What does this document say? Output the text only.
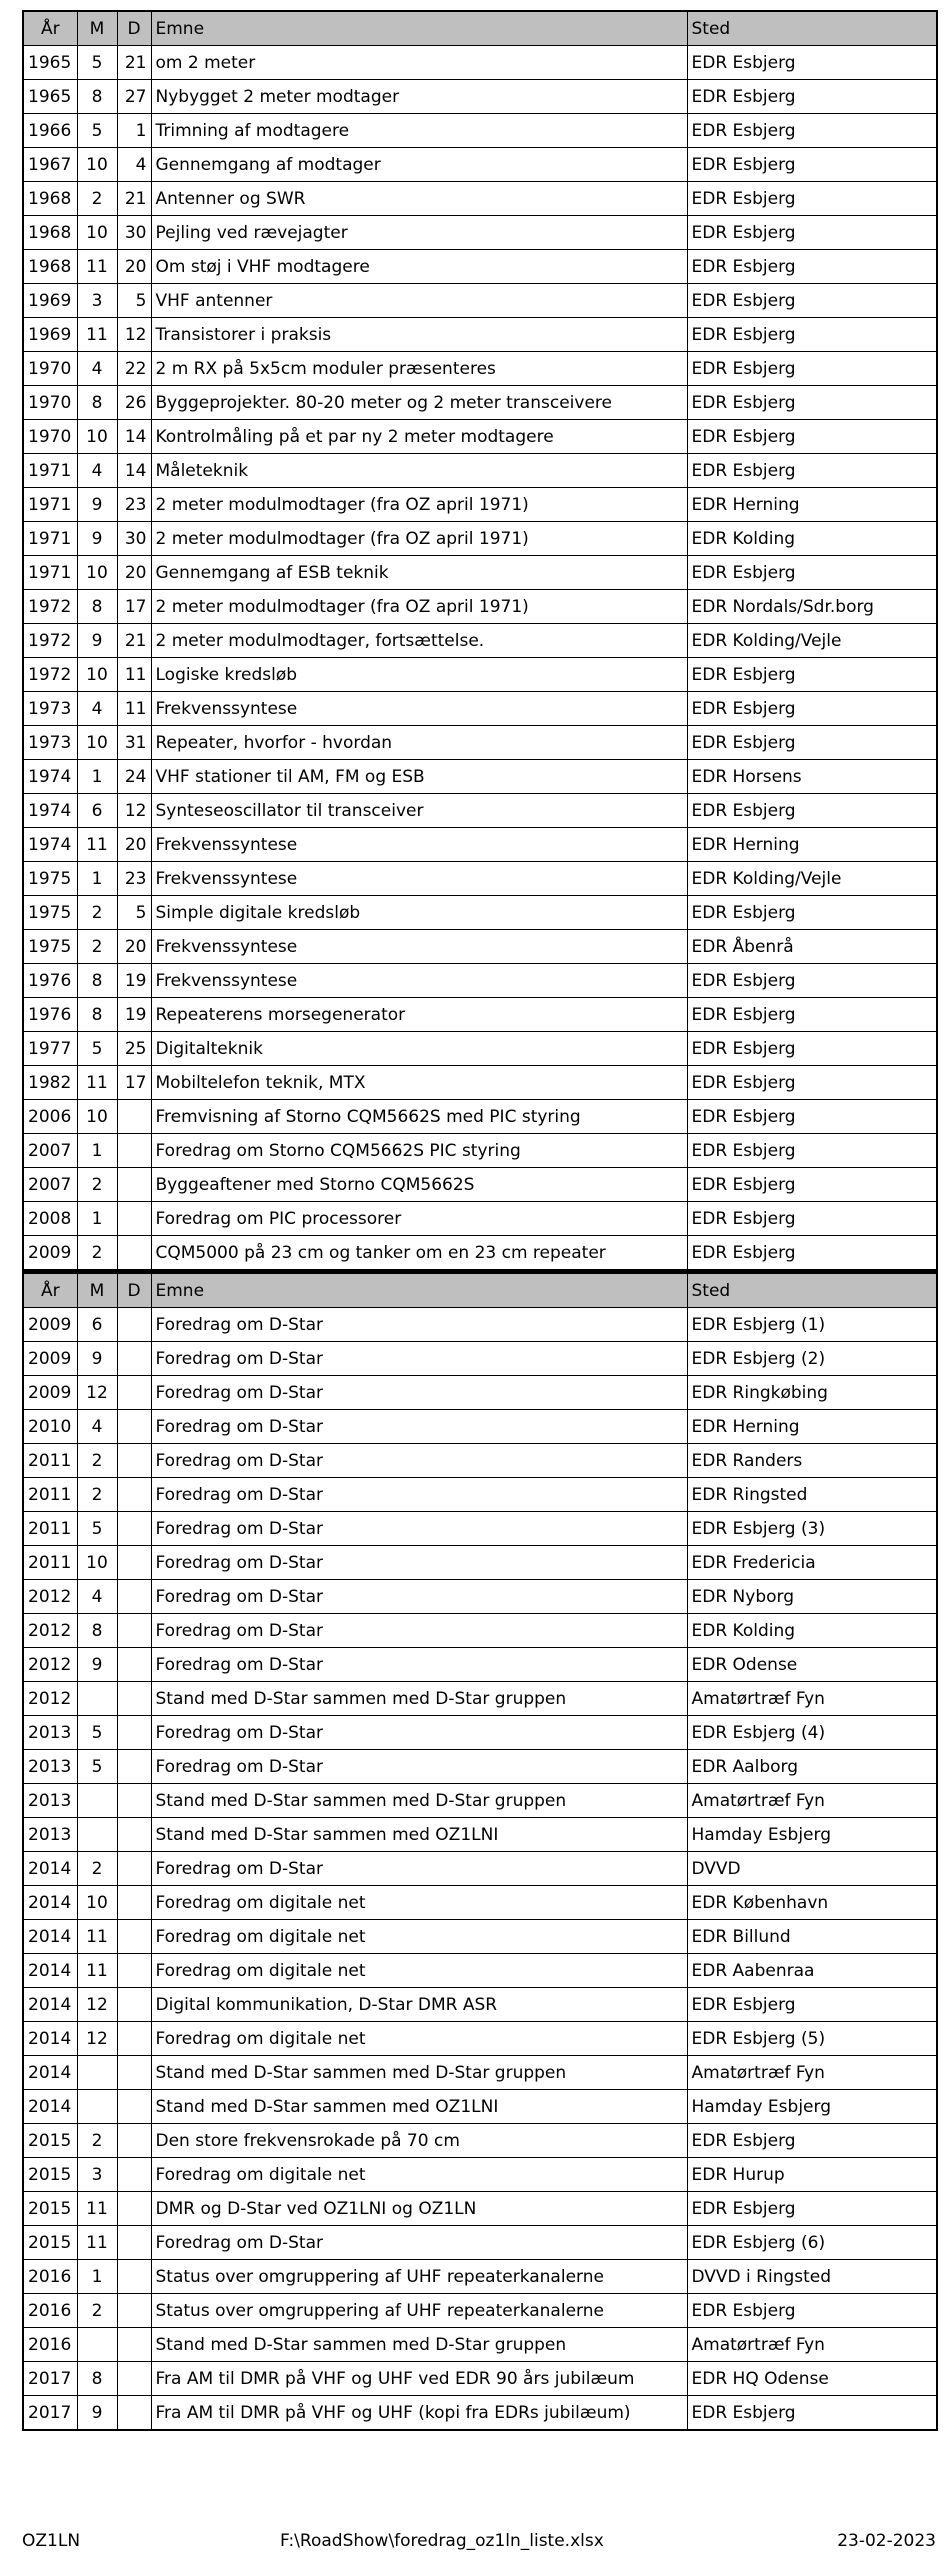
År	M	D	Emne	Sted
1965	5	21	om 2 meter	EDR Esbjerg
1965	8	27	Nybygget 2 meter modtager	EDR Esbjerg
1966	5	1	Trimning af modtagere	EDR Esbjerg
1967	10	4	Gennemgang af modtager	EDR Esbjerg
1968	2	21	Antenner og SWR	EDR Esbjerg
1968	10	30	Pejling ved rævejagter	EDR Esbjerg
1968	11	20	Om støj i VHF modtagere	EDR Esbjerg
1969	3	5	VHF antenner	EDR Esbjerg
1969	11	12	Transistorer i praksis	EDR Esbjerg
1970	4	22	2 m RX på 5x5cm moduler præsenteres	EDR Esbjerg
1970	8	26	Byggeprojekter. 80-20 meter og 2 meter transceivere	EDR Esbjerg
1970	10	14	Kontrolmåling på et par ny 2 meter modtagere	EDR Esbjerg
1971	4	14	Måleteknik	EDR Esbjerg
1971	9	23	2 meter modulmodtager (fra OZ april 1971)	EDR Herning
1971	9	30	2 meter modulmodtager (fra OZ april 1971)	EDR Kolding
1971	10	20	Gennemgang af ESB teknik	EDR Esbjerg
1972	8	17	2 meter modulmodtager (fra OZ april 1971)	EDR Nordals/Sdr.borg
1972	9	21	2 meter modulmodtager, fortsættelse.	EDR Kolding/Vejle
1972	10	11	Logiske kredsløb	EDR Esbjerg
1973	4	11	Frekvenssyntese	EDR Esbjerg
1973	10	31	Repeater, hvorfor - hvordan	EDR Esbjerg
1974	1	24	VHF stationer til AM, FM og ESB	EDR Horsens
1974	6	12	Synteseoscillator til transceiver	EDR Esbjerg
1974	11	20	Frekvenssyntese	EDR Herning
1975	1	23	Frekvenssyntese	EDR Kolding/Vejle
1975	2	5	Simple digitale kredsløb	EDR Esbjerg
1975	2	20	Frekvenssyntese	EDR Åbenrå
1976	8	19	Frekvenssyntese	EDR Esbjerg
1976	8	19	Repeaterens morsegenerator	EDR Esbjerg
1977	5	25	Digitalteknik	EDR Esbjerg
1982	11	17	Mobiltelefon teknik, MTX	EDR Esbjerg
2006	10		Fremvisning af Storno CQM5662S med PIC styring	EDR Esbjerg
2007	1		Foredrag om Storno CQM5662S PIC styring	EDR Esbjerg
2007	2		Byggeaftener med Storno CQM5662S	EDR Esbjerg
2008	1		Foredrag om PIC processorer	EDR Esbjerg
2009	2		CQM5000 på 23 cm og tanker om en 23 cm repeater	EDR Esbjerg
År	M	D	Emne	Sted
2009	6		Foredrag om D-Star	EDR Esbjerg (1)
2009	9		Foredrag om D-Star	EDR Esbjerg (2)
2009	12		Foredrag om D-Star	EDR Ringkøbing
2010	4		Foredrag om D-Star	EDR Herning
2011	2		Foredrag om D-Star	EDR Randers
2011	2		Foredrag om D-Star	EDR Ringsted
2011	5		Foredrag om D-Star	EDR Esbjerg (3)
2011	10		Foredrag om D-Star	EDR Fredericia
2012	4		Foredrag om D-Star	EDR Nyborg
2012	8		Foredrag om D-Star	EDR Kolding
2012	9		Foredrag om D-Star	EDR Odense
2012			Stand med D-Star sammen med D-Star gruppen	Amatørtræf Fyn
2013	5		Foredrag om D-Star	EDR Esbjerg (4)
2013	5		Foredrag om D-Star	EDR Aalborg
2013			Stand med D-Star sammen med D-Star gruppen	Amatørtræf Fyn
2013			Stand med D-Star sammen med OZ1LNI	Hamday Esbjerg
2014	2		Foredrag om D-Star	DVVD
2014	10		Foredrag om digitale net	EDR København
2014	11		Foredrag om digitale net	EDR Billund
2014	11		Foredrag om digitale net	EDR Aabenraa
2014	12		Digital kommunikation, D-Star DMR ASR	EDR Esbjerg
2014	12		Foredrag om digitale net	EDR Esbjerg (5)
2014			Stand med D-Star sammen med D-Star gruppen	Amatørtræf Fyn
2014			Stand med D-Star sammen med OZ1LNI	Hamday Esbjerg
2015	2		Den store frekvensrokade på 70 cm	EDR Esbjerg
2015	3		Foredrag om digitale net	EDR Hurup
2015	11		DMR og D-Star ved OZ1LNI og OZ1LN	EDR Esbjerg
2015	11		Foredrag om D-Star	EDR Esbjerg (6)
2016	1		Status over omgruppering af UHF repeaterkanalerne	DVVD i Ringsted
2016	2		Status over omgruppering af UHF repeaterkanalerne	EDR Esbjerg
2016			Stand med D-Star sammen med D-Star gruppen	Amatørtræf Fyn
2017	8		Fra AM til DMR på VHF og UHF ved EDR 90 års jubilæum	EDR HQ Odense
2017	9		Fra AM til DMR på VHF og UHF (kopi fra EDRs jubilæum)	EDR Esbjerg
OZ1LN	F:\RoadShow\foredrag_oz1ln_liste.xlsx	23-02-2023
